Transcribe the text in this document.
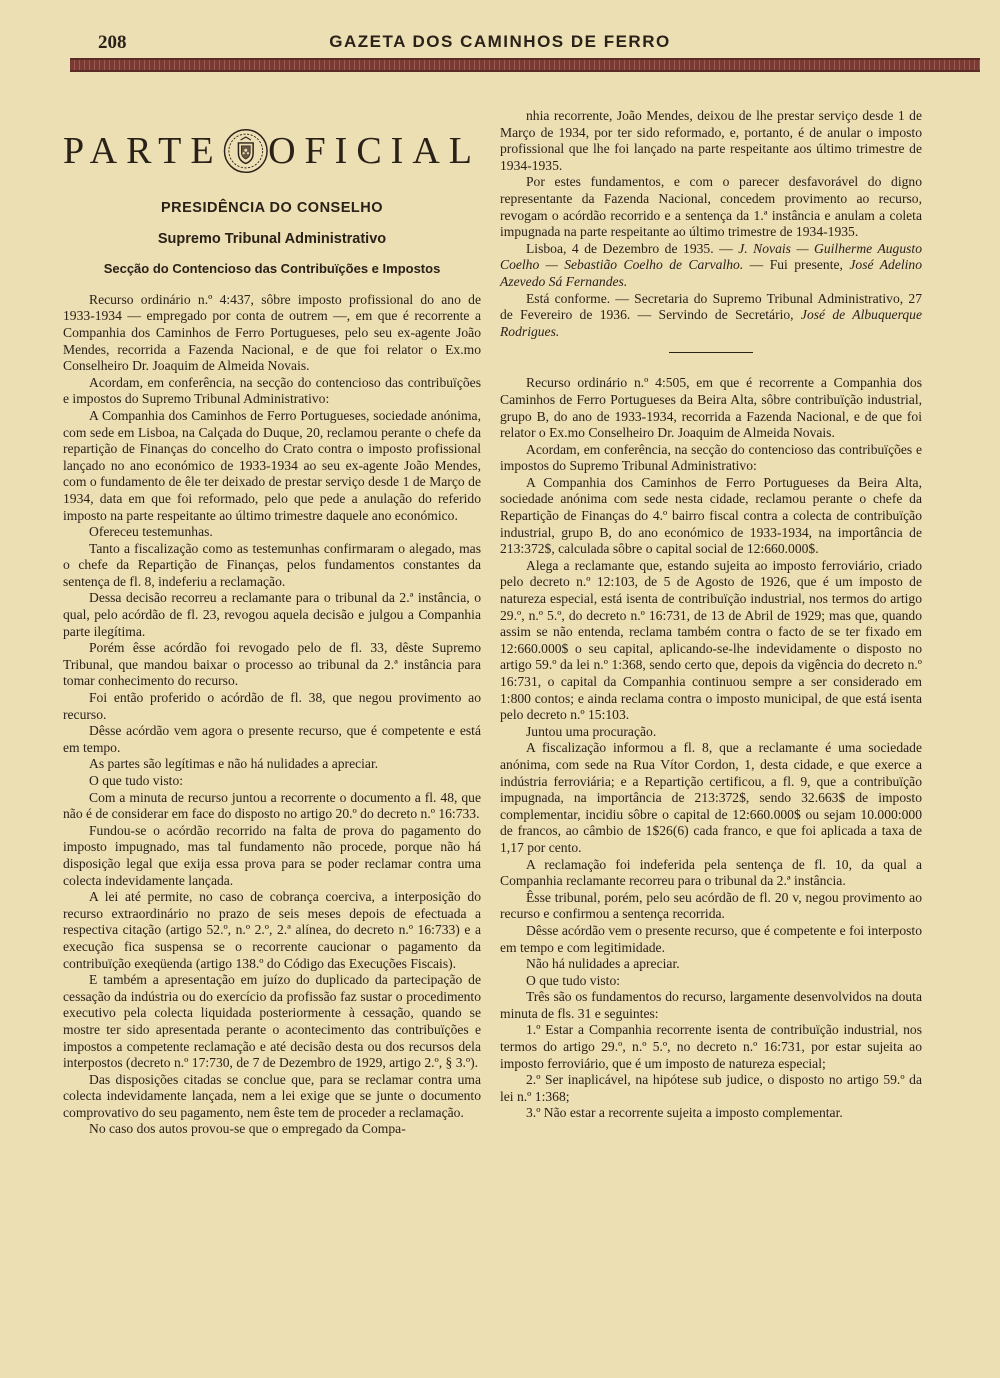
208	GAZETA DOS CAMINHOS DE FERRO
PARTE OFICIAL
PRESIDÊNCIA DO CONSELHO
Supremo Tribunal Administrativo
Secção do Contencioso das Contribuïções e Impostos

Recurso ordinário n.º 4:437, sôbre imposto profissional do ano de 1933-1934 — empregado por conta de outrem —, em que é recorrente a Companhia dos Caminhos de Ferro Portugueses, pelo seu ex-agente João Mendes, recorrida a Fazenda Nacional, e de que foi relator o Ex.mo Conselheiro Dr. Joaquim de Almeida Novais.

Acordam, em conferência, na secção do contencioso das contribuïções e impostos do Supremo Tribunal Administrativo:

A Companhia dos Caminhos de Ferro Portugueses, sociedade anónima, com sede em Lisboa, na Calçada do Duque, 20, reclamou perante o chefe da repartição de Finanças do concelho do Crato contra o imposto profissional lançado no ano económico de 1933-1934 ao seu ex-agente João Mendes, com o fundamento de êle ter deixado de prestar serviço desde 1 de Março de 1934, data em que foi reformado, pelo que pede a anulação do referido imposto na parte respeitante ao último trimestre daquele ano económico.

Ofereceu testemunhas.

Tanto a fiscalização como as testemunhas confirmaram o alegado, mas o chefe da Repartição de Finanças, pelos fundamentos constantes da sentença de fl. 8, indeferiu a reclamação.

Dessa decisão recorreu a reclamante para o tribunal da 2.ª instância, o qual, pelo acórdão de fl. 23, revogou aquela decisão e julgou a Companhia parte ilegítima.

Porém êsse acórdão foi revogado pelo de fl. 33, dêste Supremo Tribunal, que mandou baixar o processo ao tribunal da 2.ª instância para tomar conhecimento do recurso.

Foi então proferido o acórdão de fl. 38, que negou provimento ao recurso.

Dêsse acórdão vem agora o presente recurso, que é competente e está em tempo.

As partes são legítimas e não há nulidades a apreciar.

O que tudo visto:

Com a minuta de recurso juntou a recorrente o documento a fl. 48, que não é de considerar em face do disposto no artigo 20.º do decreto n.º 16:733.

Fundou-se o acórdão recorrido na falta de prova do pagamento do imposto impugnado, mas tal fundamento não procede, porque não há disposição legal que exija essa prova para se poder reclamar contra uma colecta indevidamente lançada.

A lei até permite, no caso de cobrança coerciva, a interposição do recurso extraordinário no prazo de seis meses depois de efectuada a respectiva citação (artigo 52.º, n.º 2.º, 2.ª alínea, do decreto n.º 16:733) e a execução fica suspensa se o recorrente caucionar o pagamento da contribuïção exeqüenda (artigo 138.º do Código das Execuções Fiscais).

E também a apresentação em juízo do duplicado da partecipação de cessação da indústria ou do exercício da profissão faz sustar o procedimento executivo pela colecta liquidada posteriormente à cessação, quando se mostre ter sido apresentada perante o acontecimento das contribuïções e impostos a competente reclamação e até decisão desta ou dos recursos dela interpostos (decreto n.º 17:730, de 7 de Dezembro de 1929, artigo 2.º, § 3.º).

Das disposições citadas se conclue que, para se reclamar contra uma colecta indevidamente lançada, nem a lei exige que se junte o documento comprovativo do seu pagamento, nem êste tem de proceder a reclamação.

No caso dos autos provou-se que o empregado da Compa-

nhia recorrente, João Mendes, deixou de lhe prestar serviço desde 1 de Março de 1934, por ter sido reformado, e, portanto, é de anular o imposto profissional que lhe foi lançado na parte respeitante aos último trimestre de 1934-1935.

Por estes fundamentos, e com o parecer desfavorável do digno representante da Fazenda Nacional, concedem provimento ao recurso, revogam o acórdão recorrido e a sentença da 1.ª instância e anulam a coleta impugnada na parte respeitante ao último trimestre de 1934-1935.

Lisboa, 4 de Dezembro de 1935. — J. Novais — Guilherme Augusto Coelho — Sebastião Coelho de Carvalho. — Fui presente, José Adelino Azevedo Sá Fernandes.

Está conforme. — Secretaria do Supremo Tribunal Administrativo, 27 de Fevereiro de 1936. — Servindo de Secretário, José de Albuquerque Rodrigues.

Recurso ordinário n.º 4:505, em que é recorrente a Companhia dos Caminhos de Ferro Portugueses da Beira Alta, sôbre contribuïção industrial, grupo B, do ano de 1933-1934, recorrida a Fazenda Nacional, e de que foi relator o Ex.mo Conselheiro Dr. Joaquim de Almeida Novais.

Acordam, em conferência, na secção do contencioso das contribuïções e impostos do Supremo Tribunal Administrativo:

A Companhia dos Caminhos de Ferro Portugueses da Beira Alta, sociedade anónima com sede nesta cidade, reclamou perante o chefe da Repartição de Finanças do 4.º bairro fiscal contra a colecta de contribuïção industrial, grupo B, do ano económico de 1933-1934, na importância de 213:372$, calculada sôbre o capital social de 12:660.000$.

Alega a reclamante que, estando sujeita ao imposto ferroviário, criado pelo decreto n.º 12:103, de 5 de Agosto de 1926, que é um imposto de natureza especial, está isenta de contribuïção industrial, nos termos do artigo 29.º, n.º 5.º, do decreto n.º 16:731, de 13 de Abril de 1929; mas que, quando assim se não entenda, reclama também contra o facto de se ter fixado em 12:660.000$ o seu capital, aplicando-se-lhe indevidamente o disposto no artigo 59.º da lei n.º 1:368, sendo certo que, depois da vigência do decreto n.º 16:731, o capital da Companhia continuou sempre a ser considerado em 1:800 contos; e ainda reclama contra o imposto municipal, de que está isenta pelo decreto n.º 15:103.

Juntou uma procuração.

A fiscalização informou a fl. 8, que a reclamante é uma sociedade anónima, com sede na Rua Vítor Cordon, 1, desta cidade, e que exerce a indústria ferroviária; e a Repartição certificou, a fl. 9, que a contribuïção impugnada, na importância de 213:372$, sendo 32.663$ de imposto complementar, incidiu sôbre o capital de 12:660.000$ ou sejam 10.000:000 de francos, ao câmbio de 1$26(6) cada franco, e que foi aplicada a taxa de 1,17 por cento.

A reclamação foi indeferida pela sentença de fl. 10, da qual a Companhia reclamante recorreu para o tribunal da 2.ª instância.

Êsse tribunal, porém, pelo seu acórdão de fl. 20 v, negou provimento ao recurso e confirmou a sentença recorrida.

Dêsse acórdão vem o presente recurso, que é competente e foi interposto em tempo e com legitimidade.

Não há nulidades a apreciar.

O que tudo visto:

Três são os fundamentos do recurso, largamente desenvolvidos na douta minuta de fls. 31 e seguintes:

1.º Estar a Companhia recorrente isenta de contribuïção industrial, nos termos do artigo 29.º, n.º 5.º, no decreto n.º 16:731, por estar sujeita ao imposto ferroviário, que é um imposto de natureza especial;

2.º Ser inaplicável, na hipótese sub judice, o disposto no artigo 59.º da lei n.º 1:368;

3.º Não estar a recorrente sujeita a imposto complementar.
